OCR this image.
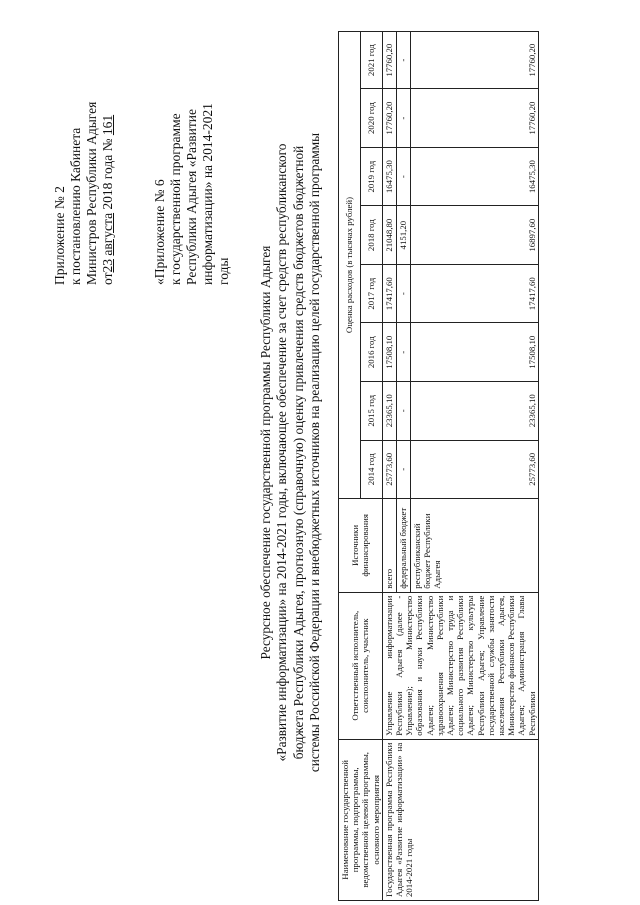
Приложение № 2 к постановлению Кабинета Министров Республики Адыгея от23 августа 2018 года № 161
«Приложение № 6 к государственной программе Республики Адыгея «Развитие информатизации» на 2014-2021 годы Ресурсное обеспечение государственной программы Республики Адыгея «Развитие информатизации» на 2014-2021 годы, включающее обеспечение за счет средств республиканского бюджета Республики Адыгея, прогнозную (справочную) оценку привлечения средств бюджетов бюджетной системы Российской Федерации и внебюджетных источников на реализацию целей государственной программы
Наименование государственной программы, подпрограммы, ведомственной целевой программы, основного мероприятия	Ответственный исполнитель, соисполнитель, участник	Источники финансирования	Оценка расходов (в тысячах рублей)							
			2014 год	2015 год	2016 год	2017 год	2018 год	2019 год	2020 год	2021 год
Государственная программа Республики Адыгея «Развитие информатизации» на 2014-2021 годы	Управление информатизации Республики Адыгея (далее - Управление); Министерство образования и науки Республики Адыгея; Министерство здравоохранения Республики Адыгея; Министерство труда и социального развития Республики Адыгея; Министерство культуры Республики Адыгея; Управление государственной службы занятости населения Республики Адыгея, Министерство финансов Республики Адыгея; Администрация Главы Республики	всего	25773,60	23365,10	17508,10	17417,60	21048,80	16475,30	17760,20	17760,20
		федеральный бюджет	-	-	-	-	4151,20	-	-	-
		республиканский бюджет Республики Адыгея	25773,60	23365,10	17508,10	17417,60	16897,60	16475,30	17760,20	17760,20
